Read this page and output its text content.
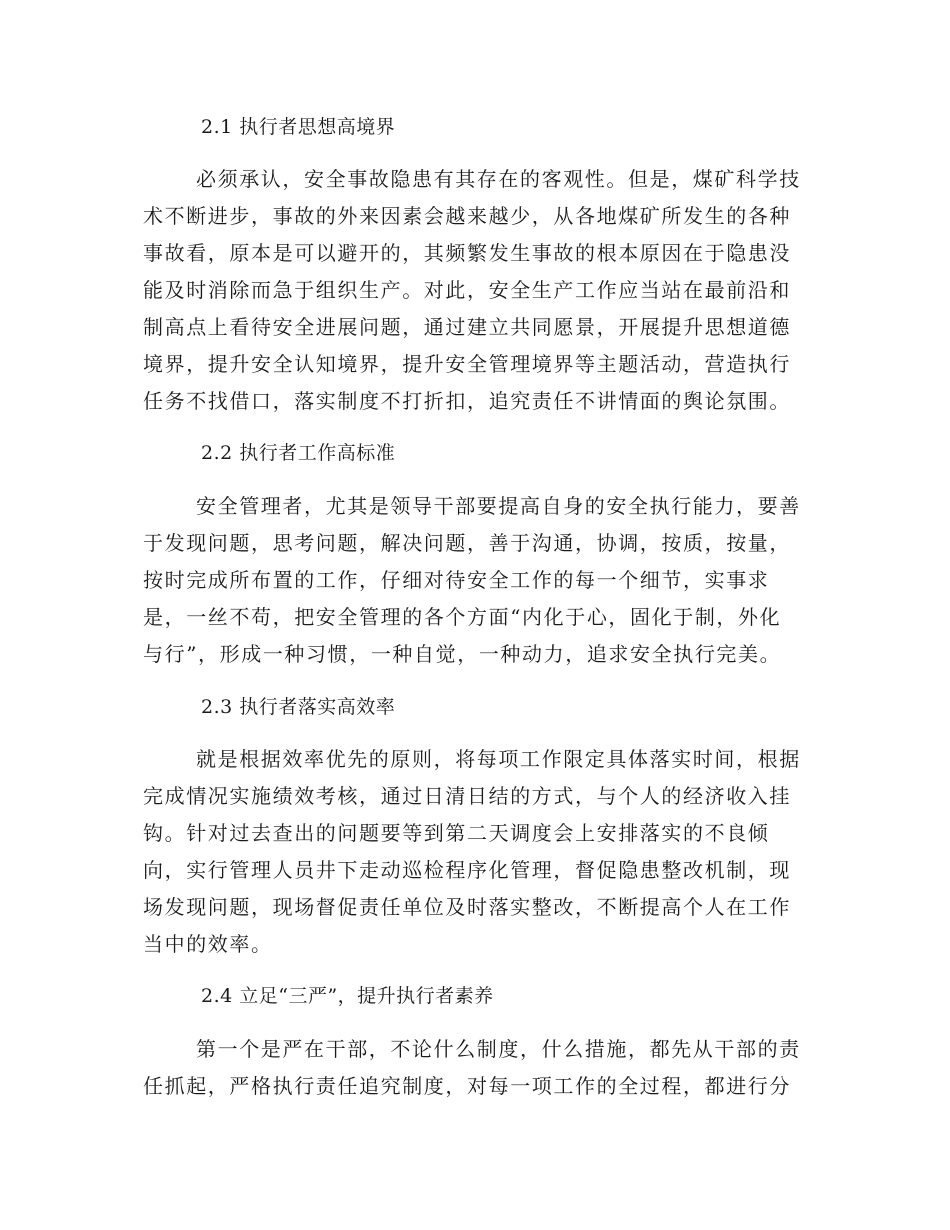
2.1 执行者思想高境界
必须承认，安全事故隐患有其存在的客观性。但是，煤矿科学技
术不断进步，事故的外来因素会越来越少，从各地煤矿所发生的各种
事故看，原本是可以避开的，其频繁发生事故的根本原因在于隐患没
能及时消除而急于组织生产。对此，安全生产工作应当站在最前沿和
制高点上看待安全进展问题，通过建立共同愿景，开展提升思想道德
境界，提升安全认知境界，提升安全管理境界等主题活动，营造执行
任务不找借口，落实制度不打折扣，追究责任不讲情面的舆论氛围。
2.2 执行者工作高标准
安全管理者，尤其是领导干部要提高自身的安全执行能力，要善
于发现问题，思考问题，解决问题，善于沟通，协调，按质，按量，
按时完成所布置的工作，仔细对待安全工作的每一个细节，实事求
是，一丝不苟，把安全管理的各个方面“内化于心，固化于制，外化
与行”，形成一种习惯，一种自觉，一种动力，追求安全执行完美。
2.3 执行者落实高效率
就是根据效率优先的原则，将每项工作限定具体落实时间，根据
完成情况实施绩效考核，通过日清日结的方式，与个人的经济收入挂
钩。针对过去查出的问题要等到第二天调度会上安排落实的不良倾
向，实行管理人员井下走动巡检程序化管理，督促隐患整改机制，现
场发现问题，现场督促责任单位及时落实整改，不断提高个人在工作
当中的效率。
2.4 立足“三严”，提升执行者素养
第一个是严在干部，不论什么制度，什么措施，都先从干部的责
任抓起，严格执行责任追究制度，对每一项工作的全过程，都进行分
